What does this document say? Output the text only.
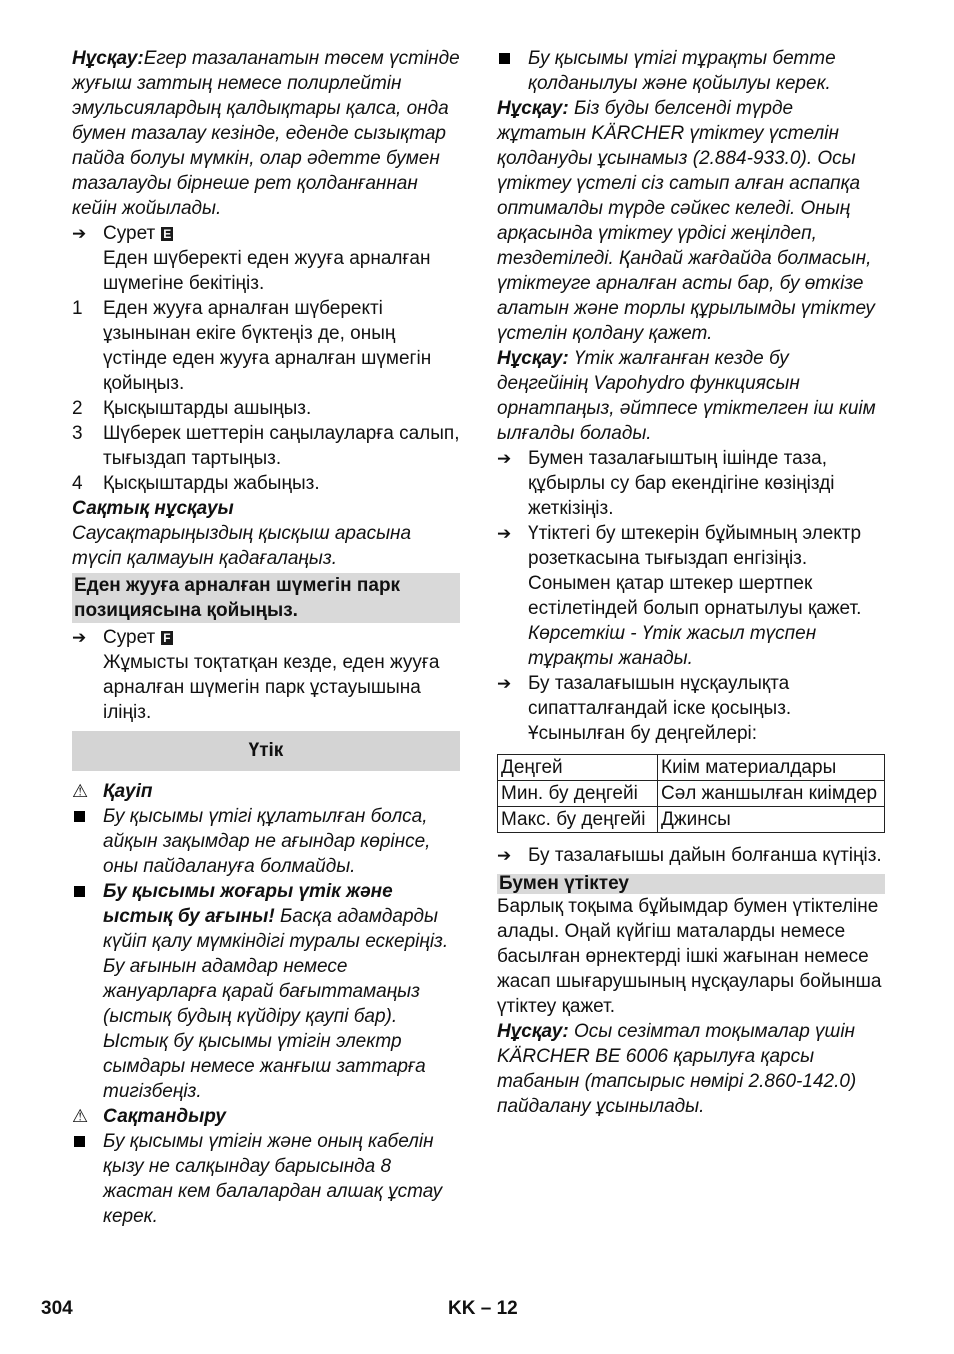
Нұсқау:Егер тазаланатын төсем үстінде жуғыш заттың немесе полирлейтін эмульсиялардың қалдықтары қалса, онда бумен тазалау кезінде, еденде сызықтар пайда болуы мүмкін, олар әдетте бумен тазалауды бірнеше рет қолданғаннан кейін жойылады.

➔ Сурет E

Еден шүберекті еден жууға арналған шүмегіне бекітіңіз.

1	Еден жууға арналған шүберекті ұзынынан екіге бүктеңіз де, оның үстінде еден жууға арналған шүмегін қойыңыз.
2	Қысқыштарды ашыңыз.
3	Шүберек шеттерін саңылауларға салып, тығыздап тартыңыз.
4	Қысқыштарды жабыңыз.

Сақтық нұсқауы

Саусақтарыңыздың қысқыш арасына түсіп қалмауын қадағалаңыз.

Еден жууға арналған шүмегін парк позициясына қойыңыз.

➔ Сурет F

Жұмысты тоқтатқан кезде, еден жууға арналған шүмегін парк ұстауышына іліңіз.

Үтік
⚠ Қауіп
Бу қысымы үтігі құлатылған болса, айқын зақымдар не ағындар көрінсе, оны пайдалануға болмайды.
Бу қысымы жоғары үтік және ыстық бу ағыны! Басқа адамдарды күйіп қалу мүмкіндігі туралы ескеріңіз. Бу ағынын адамдар немесе жануарларға қарай бағыттамаңыз (ыстық будың күйдіру қаупі бар). Ыстық бу қысымы үтігін электр сымдары немесе жанғыш заттарға тигізбеңіз.
⚠ Сақтандыру
Бу қысымы үтігін және оның кабелін қызу не салқындау барысында 8 жастан кем балалардан алшақ ұстау керек.
Бу қысымы үтігі тұрақты бетте қолданылуы және қойылуы керек.

Нұсқау: Біз буды белсенді түрде жұтатын KÄRCHER үтіктеу үстелін қолдануды ұсынамыз (2.884-933.0). Осы үтіктеу үстелі сіз сатып алған аспапқа оптималды түрде сәйкес келеді. Оның арқасында үтіктеу үрдісі жеңілдеп, тездетіледі. Қандай жағдайда болмасын, үтіктеуге арналған асты бар, бу өткізе алатын және торлы құрылымды үтіктеу үстелін қолдану қажет.

Нұсқау: Үтік жалғанған кезде бу деңгейінің Vapohydro функциясын орнатпаңыз, әйтпесе үтіктелген іш киім ылғалды болады.

➔ Бумен тазалағыштың ішінде таза, құбырлы су бар екендігіне көзіңізді жеткізіңіз.
➔ Үтіктегі бу штекерін бұйымның электр розеткасына тығыздап енгізіңіз. Сонымен қатар штекер шертпек естілетіндей болып орнатылуы қажет.

Көрсеткіш - Үтік жасыл түспен тұрақты жанады.

➔ Бу тазалағышын нұсқаулықта сипатталғандай іске қосыңыз. Ұсынылған бу деңгейлері:
Деңгей	Киім материалдары
Мин. бу деңгейі	Сәл жаншылған киімдер
Макс. бу деңгейі	Джинсы
➔ Бу тазалағышы дайын болғанша күтіңіз.

Бумен үтіктеу

Барлық тоқыма бұйымдар бумен үтіктеліне алады. Оңай күйгіш маталарды немесе басылған өрнектерді ішкі жағынан немесе жасап шығарушының нұсқаулары бойынша үтіктеу қажет.

Нұсқау: Осы сезімтал тоқымалар үшін KÄRCHER BE 6006 қарылуға қарсы табанын (тапсырыс нөмірі 2.860-142.0) пайдалану ұсынылады.

304	KK – 12
